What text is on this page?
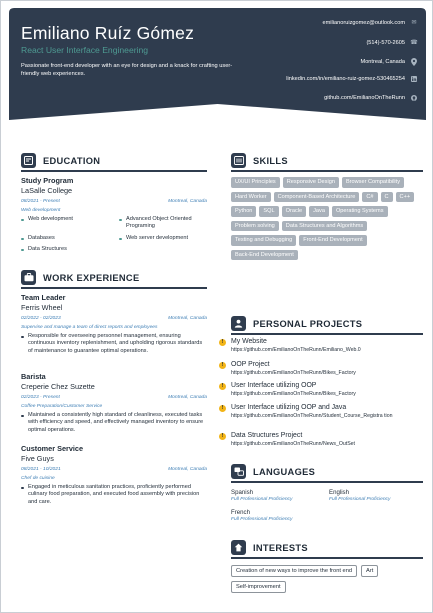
Emiliano Ruíz Gómez
React User Interface Engineering
Passionate front-end developer with an eye for design and a knack for crafting user-friendly web experiences.
emilianoruizgomez@outlook.com ✉
(514)-570-2605 ☎
Montreal, Canada
linkedin.com/in/emiliano-ruiz-gomez-530465254
github.com/EmilianoOnTheRunn
EDUCATION
Study Program
LaSalle College
08/2021 - Present	Montreal, Canada
Web development
Web development	Advanced Object Oriented Programing
Databases	Web server development
Data Structures
WORK EXPERIENCE
Team Leader
Ferris Wheel
02/2022 - 02/2023	Montreal, Canada
Supervise and manage a team of direct reports and employees
Responsible for overseeing personnel management, ensuring continuous inventory replenishment, and upholding rigorous standards of maintenance to guarantee optimal operations.
Barista
Creperie Chez Suzette
02/2023 - Present	Montreal, Canada
Coffee Preparation/Customer Service
Maintained a consistently high standard of cleanliness, executed tasks with efficiency and speed, and effectively managed inventory to ensure optimal operations.
Customer Service
Five Guys
08/2021 - 10/2021	Montreal, Canada
Chef de cuisine
Engaged in meticulous sanitation practices, proficiently performed culinary food preparation, and executed food assembly with precision and care.
SKILLS
UX/UI Principles	Responsive Design	Browser Compatibility
Hard Worker	Component-Based Architecture	C#	C	C++
Python	SQL	Oracle	Java	Operating Systems
Problem solving	Data Structures and Algorithms
Testing and Debugging	Front-End Development
Back-End Development
PERSONAL PROJECTS
!	My Website
https://github.com/EmilianoOnTheRunn/Emiliano_Web.0
!	OOP Project
https://github.com/EmilianoOnTheRunn/Bikes_Factory
!	User Interface utilizing OOP
https://github.com/EmilianoOnTheRunn/Bikes_Factory
!	User Interface utilizing OOP and Java
https://github.com/EmilianoOnTheRunn/Student_Course_Registra tion
!	Data Structures Project
https://github.com/EmilianoOnTheRunn/News_OutSet
LANGUAGES
Spanish
Full Professional Proficiency
English
Full Professional Proficiency
French
Full Professional Proficiency
INTERESTS
Creation of new ways to improve the front end	Art
Self-improvement
